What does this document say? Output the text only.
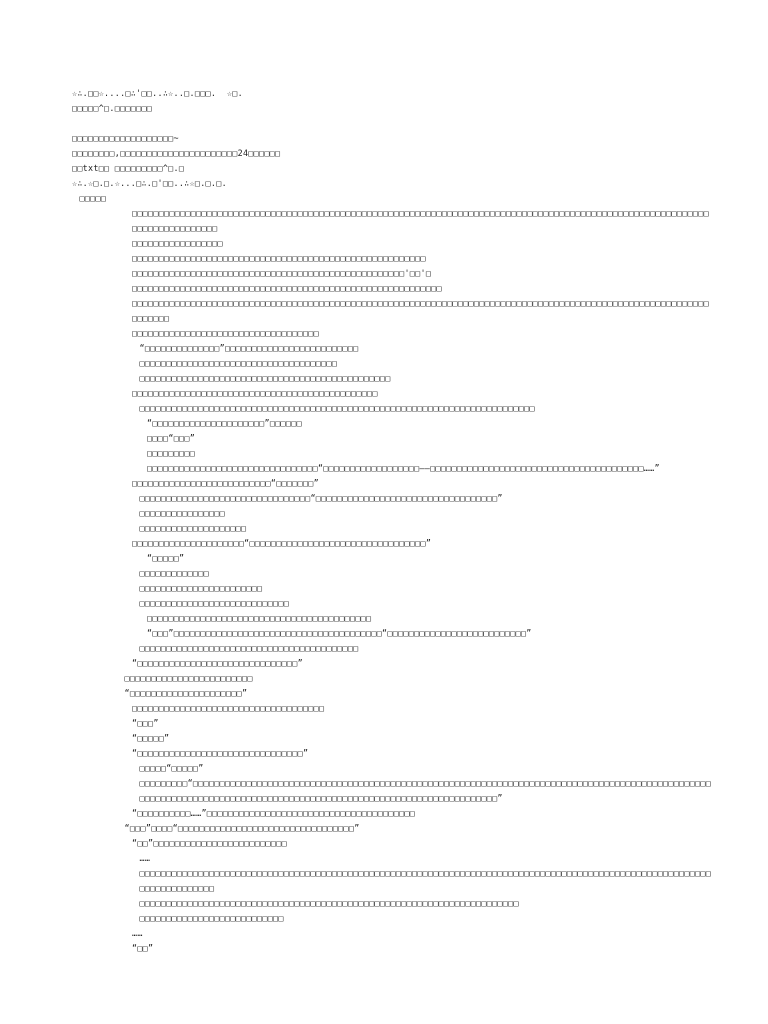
☆∴.□□☆....□∴'□□..∴☆..□.□□□.  ☆□.
□□□□□^□.□□□□□□□
□□□□□□□□□□□□□□□□□□□~
□□□□□□□□,□□□□□□□□□□□□□□□□□□□□□□24□□□□□□
□□txt□□ □□□□□□□□□^□.□
☆∴.☆□.□.☆...□∴.□'□□..∴☆□.□.□.
□□□□□
□□□□□□□□□□□□□□□□□□□□□□□□□□□□□□□□□□□□□□□□□□□□□□□□□□□□□□□□□□□□□□□□□□□□□□□□□□□□□□□□□□□□□□□□□□□□□□□□□□□□□□□□□□□□□□□□□□□□□□□□□□□□
□□□□□□□□□□□□□□□□□
□□□□□□□□□□□□□□□□□□□□□□□□□□□□□□□□□□□□□□□□□□□□□□□□□□□□□□□
□□□□□□□□□□□□□□□□□□□□□□□□□□□□□□□□□□□□□□□□□□□□□□□□□□□'□□'□
□□□□□□□□□□□□□□□□□□□□□□□□□□□□□□□□□□□□□□□□□□□□□□□□□□□□□□□□□□
□□□□□□□□□□□□□□□□□□□□□□□□□□□□□□□□□□□□□□□□□□□□□□□□□□□□□□□□□□□□□□□□□□□□□□□□□□□□□□□□□□□□□□□□□□□□□□□□□□□□□□□□□□□□□□□□□□□
□□□□□□□□□□□□□□□□□□□□□□□□□□□□□□□□□□□
“□□□□□□□□□□□□□□”□□□□□□□□□□□□□□□□□□□□□□□□□
□□□□□□□□□□□□□□□□□□□□□□□□□□□□□□□□□□□□□
□□□□□□□□□□□□□□□□□□□□□□□□□□□□□□□□□□□□□□□□□□□□□□□
□□□□□□□□□□□□□□□□□□□□□□□□□□□□□□□□□□□□□□□□□□□□□□
□□□□□□□□□□□□□□□□□□□□□□□□□□□□□□□□□□□□□□□□□□□□□□□□□□□□□□□□□□□□□□□□□□□□□□□□□□
“□□□□□□□□□□□□□□□□□□□□□”□□□□□□
□□□□“□□□”
□□□□□□□□□
□□□□□□□□□□□□□□□□□□□□□□□□□□□□□□□□“□□□□□□□□□□□□□□□□□□——□□□□□□□□□□□□□□□□□□□□□□□□□□□□□□□□□□□□□□□□……”
□□□□□□□□□□□□□□□□□□□□□□□□□□“□□□□□□□”
□□□□□□□□□□□□□□□□□□□□□□□□□□□□□□□□“□□□□□□□□□□□□□□□□□□□□□□□□□□□□□□□□□□”
□□□□□□□□□□□□□□□□
□□□□□□□□□□□□□□□□□□□□
□□□□□□□□□□□□□□□□□□□□□“□□□□□□□□□□□□□□□□□□□□□□□□□□□□□□□□□”
“□□□□□”
□□□□□□□□□□□□□
□□□□□□□□□□□□□□□□□□□□□□□
□□□□□□□□□□□□□□□□□□□□□□□□□□□□
□□□□□□□□□□□□□□□□□□□□□□□□□□□□□□□□□□□□□□□□□□
“□□□”□□□□□□□□□□□□□□□□□□□□□□□□□□□□□□□□□□□□□□□“□□□□□□□□□□□□□□□□□□□□□□□□□□”
□□□□□□□□□□□□□□□□□□□□□□□□□□□□□□□□□□□□□□□□□
“□□□□□□□□□□□□□□□□□□□□□□□□□□□□□□”
□□□□□□□□□□□□□□□□□□□□□□□□
“□□□□□□□□□□□□□□□□□□□□□”
□□□□□□□□□□□□□□□□□□□□□□□□□□□□□□□□□□□□
“□□□”
“□□□□□”
“□□□□□□□□□□□□□□□□□□□□□□□□□□□□□□□”
□□□□□“□□□□□”
□□□□□□□□□“□□□□□□□□□□□□□□□□□□□□□□□□□□□□□□□□□□□□□□□□□□□□□□□□□□□□□□□□□□□□□□□□□□□□□□□□□□□□□□□□□□□□□□□□□□□□□□□□□□□□□□□□□□□□□□□□□□□□□□□□□□□□□□□□□□□□□□□□□□□□□□□□□□□□□□□□□□□□□□□□□□□□”
“□□□□□□□□□□……”□□□□□□□□□□□□□□□□□□□□□□□□□□□□□□□□□□□□□□□
“□□□”□□□□“□□□□□□□□□□□□□□□□□□□□□□□□□□□□□□□□□”
“□□”□□□□□□□□□□□□□□□□□□□□□□□□□
……
□□□□□□□□□□□□□□□□□□□□□□□□□□□□□□□□□□□□□□□□□□□□□□□□□□□□□□□□□□□□□□□□□□□□□□□□□□□□□□□□□□□□□□□□□□□□□□□□□□□□□□□□□□□□□□□□□□□□□□□□□
□□□□□□□□□□□□□□□□□□□□□□□□□□□□□□□□□□□□□□□□□□□□□□□□□□□□□□□□□□□□□□□□□□□□□□□
□□□□□□□□□□□□□□□□□□□□□□□□□□□
……
“□□”
